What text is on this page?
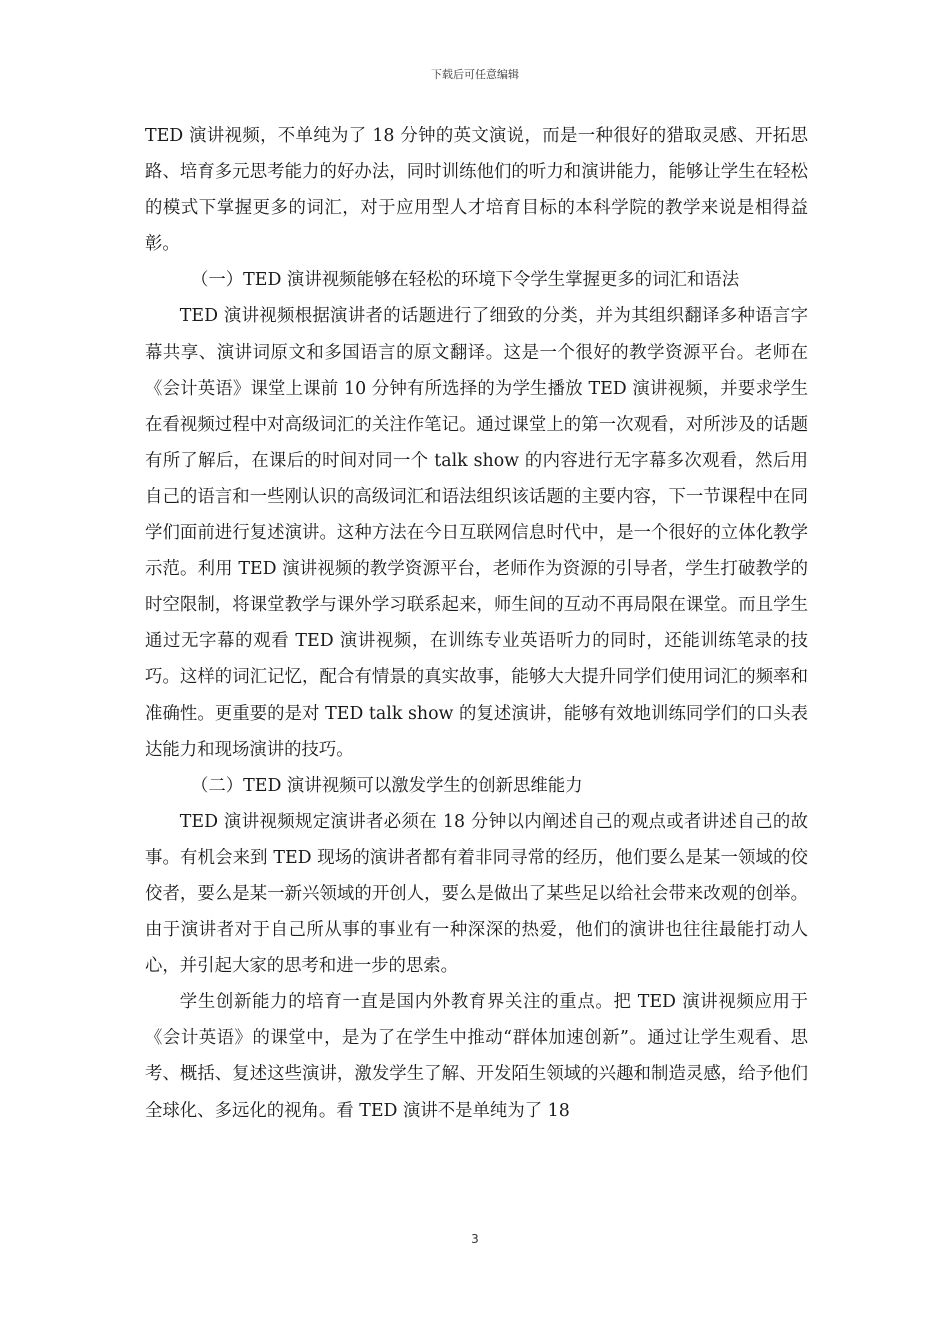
下载后可任意编辑

TED 演讲视频，不单纯为了 18 分钟的英文演说，而是一种很好的猎取灵感、开拓思路、培育多元思考能力的好办法，同时训练他们的听力和演讲能力，能够让学生在轻松的模式下掌握更多的词汇，对于应用型人才培育目标的本科学院的教学来说是相得益彰。

（一）TED 演讲视频能够在轻松的环境下令学生掌握更多的词汇和语法

TED 演讲视频根据演讲者的话题进行了细致的分类，并为其组织翻译多种语言字幕共享、演讲词原文和多国语言的原文翻译。这是一个很好的教学资源平台。老师在《会计英语》课堂上课前 10 分钟有所选择的为学生播放 TED 演讲视频，并要求学生在看视频过程中对高级词汇的关注作笔记。通过课堂上的第一次观看，对所涉及的话题有所了解后，在课后的时间对同一个 talk show 的内容进行无字幕多次观看，然后用自己的语言和一些刚认识的高级词汇和语法组织该话题的主要内容，下一节课程中在同学们面前进行复述演讲。这种方法在今日互联网信息时代中，是一个很好的立体化教学示范。利用 TED 演讲视频的教学资源平台，老师作为资源的引导者，学生打破教学的时空限制，将课堂教学与课外学习联系起来，师生间的互动不再局限在课堂。而且学生通过无字幕的观看 TED 演讲视频，在训练专业英语听力的同时，还能训练笔录的技巧。这样的词汇记忆，配合有情景的真实故事，能够大大提升同学们使用词汇的频率和准确性。更重要的是对 TED talk show 的复述演讲，能够有效地训练同学们的口头表达能力和现场演讲的技巧。

（二）TED 演讲视频可以激发学生的创新思维能力

TED 演讲视频规定演讲者必须在 18 分钟以内阐述自己的观点或者讲述自己的故事。有机会来到 TED 现场的演讲者都有着非同寻常的经历，他们要么是某一领域的佼佼者，要么是某一新兴领域的开创人，要么是做出了某些足以给社会带来改观的创举。由于演讲者对于自己所从事的事业有一种深深的热爱，他们的演讲也往往最能打动人心，并引起大家的思考和进一步的思索。

学生创新能力的培育一直是国内外教育界关注的重点。把 TED 演讲视频应用于《会计英语》的课堂中，是为了在学生中推动“群体加速创新”。通过让学生观看、思考、概括、复述这些演讲，激发学生了解、开发陌生领域的兴趣和制造灵感，给予他们全球化、多远化的视角。看 TED 演讲不是单纯为了 18

3
